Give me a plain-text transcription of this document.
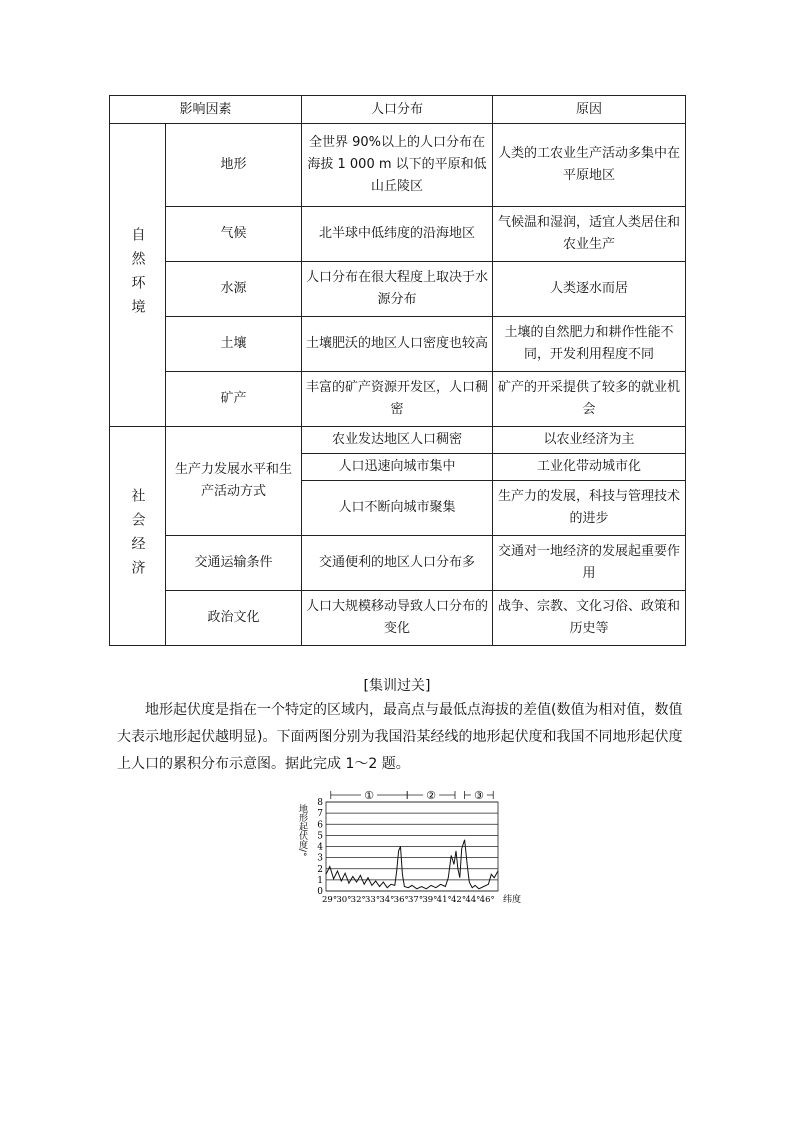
影响因素		人口分布	原因

自然环境	地形	全世界 90%以上的人口分布在海拔 1 000 m 以下的平原和低山丘陵区	人类的工农业生产活动多集中在平原地区
	气候	北半球中低纬度的沿海地区	气候温和湿润，适宜人类居住和农业生产
	水源	人口分布在很大程度上取决于水源分布	人类逐水而居
	土壤	土壤肥沃的地区人口密度也较高	土壤的自然肥力和耕作性能不同，开发利用程度不同
	矿产	丰富的矿产资源开发区，人口稠密	矿产的开采提供了较多的就业机会

社会经济	生产力发展水平和生产活动方式	农业发达地区人口稠密	以农业经济为主
		人口迅速向城市集中	工业化带动城市化
		人口不断向城市聚集	生产力的发展，科技与管理技术的进步
	交通运输条件	交通便利的地区人口分布多	交通对一地经济的发展起重要作用
	政治文化	人口大规模移动导致人口分布的变化	战争、宗教、文化习俗、政策和历史等
[集训过关]

地形起伏度是指在一个特定的区域内，最高点与最低点海拔的差值(数值为相对值，数值大表示地形起伏越明显)。下面两图分别为我国沿某经线的地形起伏度和我国不同地形起伏度上人口的累积分布示意图。据此完成 1～2 题。

8
7
6
5
4
3
2
1
0
地形起伏度/°
29° 30° 32° 33° 34° 36° 37° 39° 41° 42° 44° 46° 纬度
①	②	③
